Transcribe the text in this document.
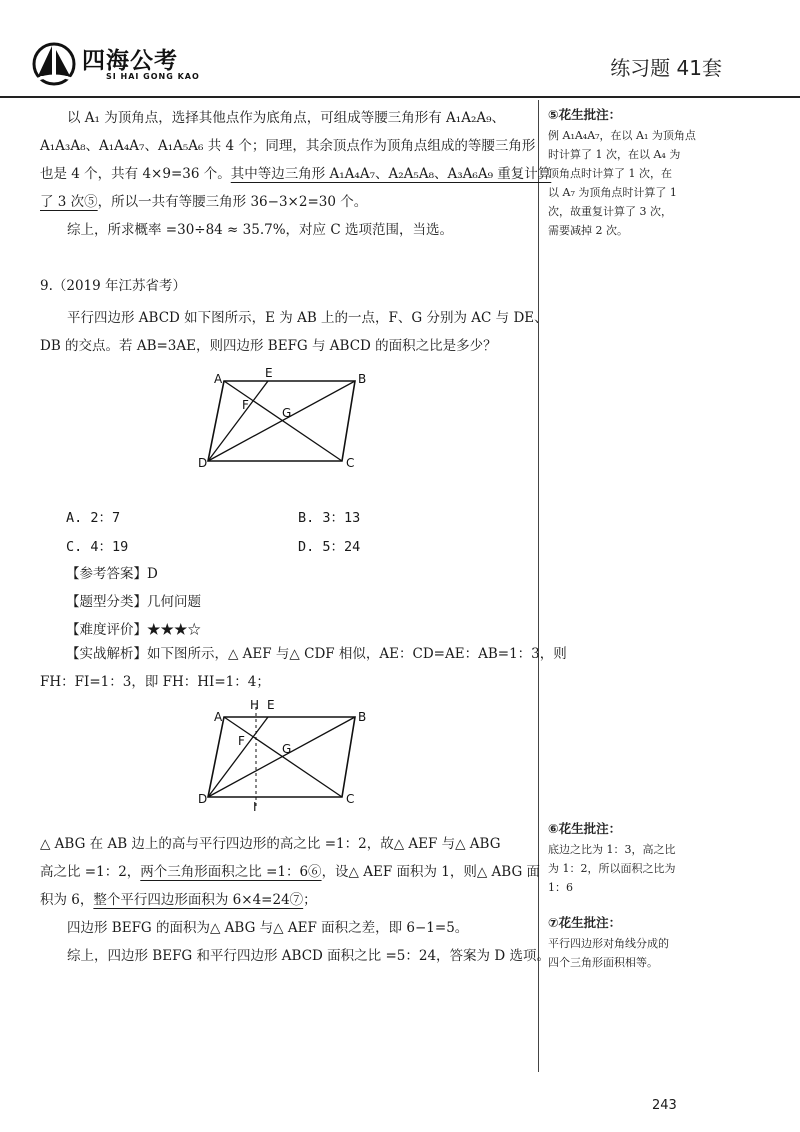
四海公考
SI HAI GONG KAO	练习题 41套
以 A₁ 为顶角点，选择其他点作为底角点，可组成等腰三角形有 A₁A₂A₉、
A₁A₃A₈、A₁A₄A₇、A₁A₅A₆ 共 4 个；同理，其余顶点作为顶角点组成的等腰三角形
也是 4 个，共有 4×9=36 个。其中等边三角形 A₁A₄A₇、A₂A₅A₈、A₃A₆A₉ 重复计算
了 3 次⑤，所以一共有等腰三角形 36−3×2=30 个。
综上，所求概率 =30÷84 ≈ 35.7%，对应 C 选项范围，当选。
9.（2019 年江苏省考）
平行四边形 ABCD 如下图所示，E 为 AB 上的一点，F、G 分别为 AC 与 DE、
DB 的交点。若 AB=3AE，则四边形 BEFG 与 ABCD 的面积之比是多少？
A	B
C
D
E
F
G
A. 2：7	B. 3：13
C. 4：19	D. 5：24
【参考答案】D
【题型分类】几何问题
【难度评价】★★★☆
【实战解析】如下图所示，△ AEF 与△ CDF 相似，AE：CD=AE：AB=1：3，则
FH：FI=1：3，即 FH：HI=1：4；
A	B
C
D
H E
F
G
I
△ ABG 在 AB 边上的高与平行四边形的高之比 =1：2，故△ AEF 与△ ABG
高之比 =1：2，两个三角形面积之比 =1：6⑥，设△ AEF 面积为 1，则△ ABG 面
积为 6，整个平行四边形面积为 6×4=24⑦；
四边形 BEFG 的面积为△ ABG 与△ AEF 面积之差，即 6−1=5。
综上，四边形 BEFG 和平行四边形 ABCD 面积之比 =5：24，答案为 D 选项。
⑤花生批注：
例 A₁A₄A₇，在以 A₁ 为顶角点
时计算了 1 次，在以 A₄ 为
顶角点时计算了 1 次，在
以 A₇ 为顶角点时计算了 1
次，故重复计算了 3 次，
需要减掉 2 次。
⑥花生批注：
底边之比为 1：3，高之比
为 1：2，所以面积之比为
1：6
⑦花生批注：
平行四边形对角线分成的
四个三角形面积相等。
243
